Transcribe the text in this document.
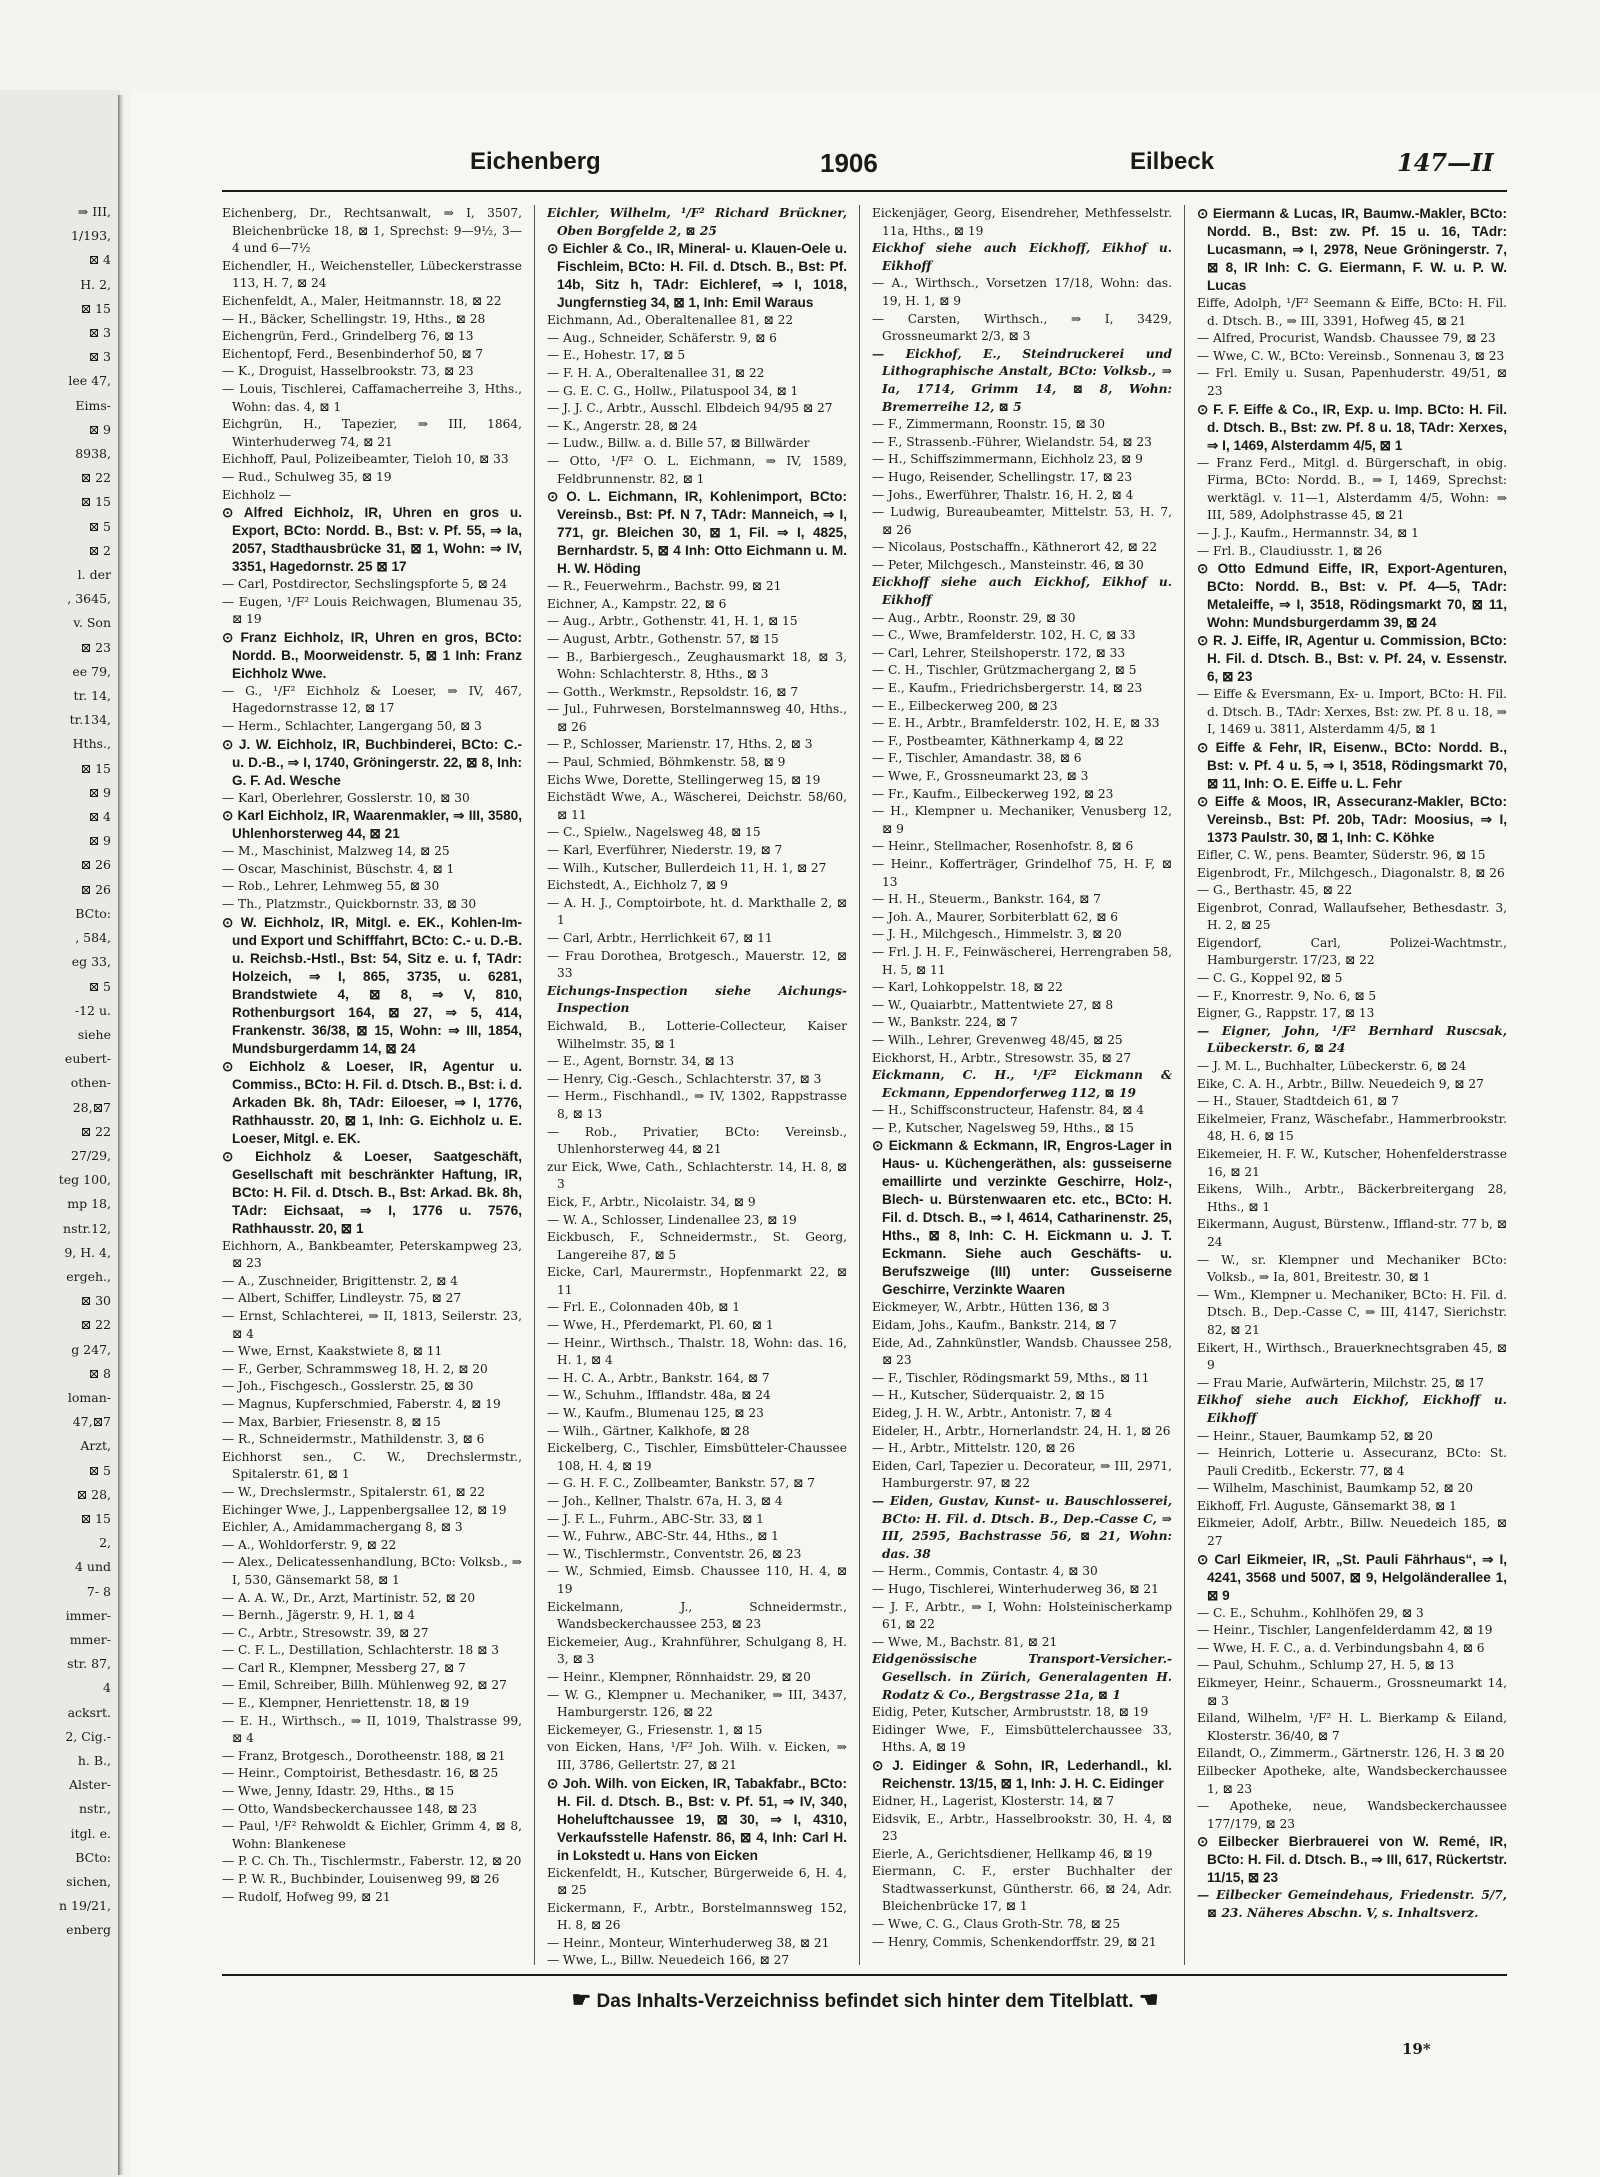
⇒ III,
1/193,
⊠ 4
H. 2,
⊠ 15
⊠ 3
⊠ 3
lee 47,
Eims-
⊠ 9
8938,
⊠ 22
⊠ 15
⊠ 5
⊠ 2
l. der
, 3645,
v. Son
⊠ 23
ee 79,
tr. 14,
tr.134,
Hths.,
⊠ 15
⊠ 9
⊠ 4
⊠ 9
⊠ 26
⊠ 26
BCto:
, 584,
eg 33,
⊠ 5
-12 u.
siehe
eubert-
othen-
28,⊠7
⊠ 22
27/29,
teg 100,
mp 18,
nstr.12,
9, H. 4,
ergeh.,
⊠ 30
⊠ 22
g 247,
⊠ 8
loman-
47,⊠7
Arzt,
⊠ 5
⊠ 28,
⊠ 15
2,
4 und
7- 8
immer-
mmer-
str. 87,
4
acksrt.
2, Cig.-
h. B.,
Alster-
nstr.,
itgl. e.
BCto:
sichen,
n 19/21,
enberg
Eichenberg	1906	Eilbeck	147—II

Eichenberg, Dr., Rechtsanwalt, ⇒ I, 3507, Bleichenbrücke 18, ⊠ 1, Sprechst: 9—9½, 3—4 und 6—7½

Eichendler, H., Weichensteller, Lübeckerstrasse 113, H. 7, ⊠ 24

Eichenfeldt, A., Maler, Heitmannstr. 18, ⊠ 22

— H., Bäcker, Schellingstr. 19, Hths., ⊠ 28

Eichengrün, Ferd., Grindelberg 76, ⊠ 13

Eichentopf, Ferd., Besenbinderhof 50, ⊠ 7

— K., Droguist, Hasselbrookstr. 73, ⊠ 23

— Louis, Tischlerei, Caffamacherreihe 3, Hths., Wohn: das. 4, ⊠ 1

Eichgrün, H., Tapezier, ⇒ III, 1864, Winterhuderweg 74, ⊠ 21

Eichhoff, Paul, Polizeibeamter, Tieloh 10, ⊠ 33

— Rud., Schulweg 35, ⊠ 19

Eichholz —

⊙ Alfred Eichholz, IR, Uhren en gros u. Export, BCto: Nordd. B., Bst: v. Pf. 55, ⇒ Ia, 2057, Stadthausbrücke 31, ⊠ 1, Wohn: ⇒ IV, 3351, Hagedornstr. 25 ⊠ 17

— Carl, Postdirector, Sechslingspforte 5, ⊠ 24

— Eugen, ¹/F² Louis Reichwagen, Blumenau 35, ⊠ 19

⊙ Franz Eichholz, IR, Uhren en gros, BCto: Nordd. B., Moorweidenstr. 5, ⊠ 1 Inh: Franz Eichholz Wwe.

— G., ¹/F² Eichholz & Loeser, ⇒ IV, 467, Hagedornstrasse 12, ⊠ 17

— Herm., Schlachter, Langergang 50, ⊠ 3

⊙ J. W. Eichholz, IR, Buchbinderei, BCto: C.- u. D.-B., ⇒ I, 1740, Gröningerstr. 22, ⊠ 8, Inh: G. F. Ad. Wesche

— Karl, Oberlehrer, Gosslerstr. 10, ⊠ 30

⊙ Karl Eichholz, IR, Waarenmakler, ⇒ III, 3580, Uhlenhorsterweg 44, ⊠ 21

— M., Maschinist, Malzweg 14, ⊠ 25

— Oscar, Maschinist, Büschstr. 4, ⊠ 1

— Rob., Lehrer, Lehmweg 55, ⊠ 30

— Th., Platzmstr., Quickbornstr. 33, ⊠ 30

⊙ W. Eichholz, IR, Mitgl. e. EK., Kohlen-Im- und Export und Schifffahrt, BCto: C.- u. D.-B. u. Reichsb.-Hstl., Bst: 54, Sitz e. u. f, TAdr: Holzeich, ⇒ I, 865, 3735, u. 6281, Brandstwiete 4, ⊠ 8, ⇒ V, 810, Rothenburgsort 164, ⊠ 27, ⇒ 5, 414, Frankenstr. 36/38, ⊠ 15, Wohn: ⇒ III, 1854, Mundsburgerdamm 14, ⊠ 24

⊙ Eichholz & Loeser, IR, Agentur u. Commiss., BCto: H. Fil. d. Dtsch. B., Bst: i. d. Arkaden Bk. 8h, TAdr: Eiloeser, ⇒ I, 1776, Rathhausstr. 20, ⊠ 1, Inh: G. Eichholz u. E. Loeser, Mitgl. e. EK.

⊙ Eichholz & Loeser, Saatgeschäft, Gesellschaft mit beschränkter Haftung, IR, BCto: H. Fil. d. Dtsch. B., Bst: Arkad. Bk. 8h, TAdr: Eichsaat, ⇒ I, 1776 u. 7576, Rathhausstr. 20, ⊠ 1

Eichhorn, A., Bankbeamter, Peterskampweg 23, ⊠ 23

— A., Zuschneider, Brigittenstr. 2, ⊠ 4

— Albert, Schiffer, Lindleystr. 75, ⊠ 27

— Ernst, Schlachterei, ⇒ II, 1813, Seilerstr. 23, ⊠ 4

— Wwe, Ernst, Kaakstwiete 8, ⊠ 11

— F., Gerber, Schrammsweg 18, H. 2, ⊠ 20

— Joh., Fischgesch., Gosslerstr. 25, ⊠ 30

— Magnus, Kupferschmied, Faberstr. 4, ⊠ 19

— Max, Barbier, Friesenstr. 8, ⊠ 15

— R., Schneidermstr., Mathildenstr. 3, ⊠ 6

Eichhorst sen., C. W., Drechslermstr., Spitalerstr. 61, ⊠ 1

— W., Drechslermstr., Spitalerstr. 61, ⊠ 22

Eichinger Wwe, J., Lappenbergsallee 12, ⊠ 19

Eichler, A., Amidammachergang 8, ⊠ 3

— A., Wohldorferstr. 9, ⊠ 22

— Alex., Delicatessenhandlung, BCto: Volksb., ⇒ I, 530, Gänsemarkt 58, ⊠ 1

— A. A. W., Dr., Arzt, Martinistr. 52, ⊠ 20

— Bernh., Jägerstr. 9, H. 1, ⊠ 4

— C., Arbtr., Stresowstr. 39, ⊠ 27

— C. F. L., Destillation, Schlachterstr. 18 ⊠ 3

— Carl R., Klempner, Messberg 27, ⊠ 7

— Emil, Schreiber, Billh. Mühlenweg 92, ⊠ 27

— E., Klempner, Henriettenstr. 18, ⊠ 19

— E. H., Wirthsch., ⇒ II, 1019, Thalstrasse 99, ⊠ 4

— Franz, Brotgesch., Dorotheenstr. 188, ⊠ 21

— Heinr., Comptoirist, Bethesdastr. 16, ⊠ 25

— Wwe, Jenny, Idastr. 29, Hths., ⊠ 15

— Otto, Wandsbeckerchaussee 148, ⊠ 23

— Paul, ¹/F² Rehwoldt & Eichler, Grimm 4, ⊠ 8, Wohn: Blankenese

— P. C. Ch. Th., Tischlermstr., Faberstr. 12, ⊠ 20

— P. W. R., Buchbinder, Louisenweg 99, ⊠ 26

— Rudolf, Hofweg 99, ⊠ 21

Eichler, Wilhelm, ¹/F² Richard Brückner, Oben Borgfelde 2, ⊠ 25

⊙ Eichler & Co., IR, Mineral- u. Klauen-Oele u. Fischleim, BCto: H. Fil. d. Dtsch. B., Bst: Pf. 14b, Sitz h, TAdr: Eichleref, ⇒ I, 1018, Jungfernstieg 34, ⊠ 1, Inh: Emil Waraus

Eichmann, Ad., Oberaltenallee 81, ⊠ 22

— Aug., Schneider, Schäferstr. 9, ⊠ 6

— E., Hohestr. 17, ⊠ 5

— F. H. A., Oberaltenallee 31, ⊠ 22

— G. E. C. G., Hollw., Pilatuspool 34, ⊠ 1

— J. J. C., Arbtr., Ausschl. Elbdeich 94/95 ⊠ 27

— K., Angerstr. 28, ⊠ 24

— Ludw., Billw. a. d. Bille 57, ⊠ Billwärder

— Otto, ¹/F² O. L. Eichmann, ⇒ IV, 1589, Feldbrunnenstr. 82, ⊠ 1

⊙ O. L. Eichmann, IR, Kohlenimport, BCto: Vereinsb., Bst: Pf. N 7, TAdr: Manneich, ⇒ I, 771, gr. Bleichen 30, ⊠ 1, Fil. ⇒ I, 4825, Bernhardstr. 5, ⊠ 4 Inh: Otto Eichmann u. M. H. W. Höding

— R., Feuerwehrm., Bachstr. 99, ⊠ 21

Eichner, A., Kampstr. 22, ⊠ 6

— Aug., Arbtr., Gothenstr. 41, H. 1, ⊠ 15

— August, Arbtr., Gothenstr. 57, ⊠ 15

— B., Barbiergesch., Zeughausmarkt 18, ⊠ 3, Wohn: Schlachterstr. 8, Hths., ⊠ 3

— Gotth., Werkmstr., Repsoldstr. 16, ⊠ 7

— Jul., Fuhrwesen, Borstelmannsweg 40, Hths., ⊠ 26

— P., Schlosser, Marienstr. 17, Hths. 2, ⊠ 3

— Paul, Schmied, Böhmkenstr. 58, ⊠ 9

Eichs Wwe, Dorette, Stellingerweg 15, ⊠ 19

Eichstädt Wwe, A., Wäscherei, Deichstr. 58/60, ⊠ 11

— C., Spielw., Nagelsweg 48, ⊠ 15

— Karl, Everführer, Niederstr. 19, ⊠ 7

— Wilh., Kutscher, Bullerdeich 11, H. 1, ⊠ 27

Eichstedt, A., Eichholz 7, ⊠ 9

— A. H. J., Comptoirbote, ht. d. Markthalle 2, ⊠ 1

— Carl, Arbtr., Herrlichkeit 67, ⊠ 11

— Frau Dorothea, Brotgesch., Mauerstr. 12, ⊠ 33

Eichungs-Inspection siehe Aichungs-Inspection

Eichwald, B., Lotterie-Collecteur, Kaiser Wilhelmstr. 35, ⊠ 1

— E., Agent, Bornstr. 34, ⊠ 13

— Henry, Cig.-Gesch., Schlachterstr. 37, ⊠ 3

— Herm., Fischhandl., ⇒ IV, 1302, Rappstrasse 8, ⊠ 13

— Rob., Privatier, BCto: Vereinsb., Uhlenhorsterweg 44, ⊠ 21

zur Eick, Wwe, Cath., Schlachterstr. 14, H. 8, ⊠ 3

Eick, F., Arbtr., Nicolaistr. 34, ⊠ 9

— W. A., Schlosser, Lindenallee 23, ⊠ 19

Eickbusch, F., Schneidermstr., St. Georg, Langereihe 87, ⊠ 5

Eicke, Carl, Maurermstr., Hopfenmarkt 22, ⊠ 11

— Frl. E., Colonnaden 40b, ⊠ 1

— Wwe, H., Pferdemarkt, Pl. 60, ⊠ 1

— Heinr., Wirthsch., Thalstr. 18, Wohn: das. 16, H. 1, ⊠ 4

— H. C. A., Arbtr., Bankstr. 164, ⊠ 7

— W., Schuhm., Ifflandstr. 48a, ⊠ 24

— W., Kaufm., Blumenau 125, ⊠ 23

— Wilh., Gärtner, Kalkhofe, ⊠ 28

Eickelberg, C., Tischler, Eimsbütteler-Chaussee 108, H. 4, ⊠ 19

— G. H. F. C., Zollbeamter, Bankstr. 57, ⊠ 7

— Joh., Kellner, Thalstr. 67a, H. 3, ⊠ 4

— J. F. L., Fuhrm., ABC-Str. 33, ⊠ 1

— W., Fuhrw., ABC-Str. 44, Hths., ⊠ 1

— W., Tischlermstr., Conventstr. 26, ⊠ 23

— W., Schmied, Eimsb. Chaussee 110, H. 4, ⊠ 19

Eickelmann, J., Schneidermstr., Wandsbeckerchaussee 253, ⊠ 23

Eickemeier, Aug., Krahnführer, Schulgang 8, H. 3, ⊠ 3

— Heinr., Klempner, Rönnhaidstr. 29, ⊠ 20

— W. G., Klempner u. Mechaniker, ⇒ III, 3437, Hamburgerstr. 126, ⊠ 22

Eickemeyer, G., Friesenstr. 1, ⊠ 15

von Eicken, Hans, ¹/F² Joh. Wilh. v. Eicken, ⇒ III, 3786, Gellertstr. 27, ⊠ 21

⊙ Joh. Wilh. von Eicken, IR, Tabakfabr., BCto: H. Fil. d. Dtsch. B., Bst: v. Pf. 51, ⇒ IV, 340, Hoheluftchaussee 19, ⊠ 30, ⇒ I, 4310, Verkaufsstelle Hafenstr. 86, ⊠ 4, Inh: Carl H. in Lokstedt u. Hans von Eicken

Eickenfeldt, H., Kutscher, Bürgerweide 6, H. 4, ⊠ 25

Eickermann, F., Arbtr., Borstelmannsweg 152, H. 8, ⊠ 26

— Heinr., Monteur, Winterhuderweg 38, ⊠ 21

— Wwe, L., Billw. Neuedeich 166, ⊠ 27

Eickenjäger, Georg, Eisendreher, Methfesselstr. 11a, Hths., ⊠ 19

Eickhof siehe auch Eickhoff, Eikhof u. Eikhoff

— A., Wirthsch., Vorsetzen 17/18, Wohn: das. 19, H. 1, ⊠ 9

— Carsten, Wirthsch., ⇒ I, 3429, Grossneumarkt 2/3, ⊠ 3

— Eickhof, E., Steindruckerei und Lithographische Anstalt, BCto: Volksb., ⇒ Ia, 1714, Grimm 14, ⊠ 8, Wohn: Bremerreihe 12, ⊠ 5

— F., Zimmermann, Roonstr. 15, ⊠ 30

— F., Strassenb.-Führer, Wielandstr. 54, ⊠ 23

— H., Schiffszimmermann, Eichholz 23, ⊠ 9

— Hugo, Reisender, Schellingstr. 17, ⊠ 23

— Johs., Ewerführer, Thalstr. 16, H. 2, ⊠ 4

— Ludwig, Bureaubeamter, Mittelstr. 53, H. 7, ⊠ 26

— Nicolaus, Postschaffn., Käthnerort 42, ⊠ 22

— Peter, Milchgesch., Mansteinstr. 46, ⊠ 30

Eickhoff siehe auch Eickhof, Eikhof u. Eikhoff

— Aug., Arbtr., Roonstr. 29, ⊠ 30

— C., Wwe, Bramfelderstr. 102, H. C, ⊠ 33

— Carl, Lehrer, Steilshoperstr. 172, ⊠ 33

— C. H., Tischler, Grützmachergang 2, ⊠ 5

— E., Kaufm., Friedrichsbergerstr. 14, ⊠ 23

— E., Eilbeckerweg 200, ⊠ 23

— E. H., Arbtr., Bramfelderstr. 102, H. E, ⊠ 33

— F., Postbeamter, Käthnerkamp 4, ⊠ 22

— F., Tischler, Amandastr. 38, ⊠ 6

— Wwe, F., Grossneumarkt 23, ⊠ 3

— Fr., Kaufm., Eilbeckerweg 192, ⊠ 23

— H., Klempner u. Mechaniker, Venusberg 12, ⊠ 9

— Heinr., Stellmacher, Rosenhofstr. 8, ⊠ 6

— Heinr., Kofferträger, Grindelhof 75, H. F, ⊠ 13

— H. H., Steuerm., Bankstr. 164, ⊠ 7

— Joh. A., Maurer, Sorbiterblatt 62, ⊠ 6

— J. H., Milchgesch., Himmelstr. 3, ⊠ 20

— Frl. J. H. F., Feinwäscherei, Herrengraben 58, H. 5, ⊠ 11

— Karl, Lohkoppelstr. 18, ⊠ 22

— W., Quaiarbtr., Mattentwiete 27, ⊠ 8

— W., Bankstr. 224, ⊠ 7

— Wilh., Lehrer, Grevenweg 48/45, ⊠ 25

Eickhorst, H., Arbtr., Stresowstr. 35, ⊠ 27

Eickmann, C. H., ¹/F² Eickmann & Eckmann, Eppendorferweg 112, ⊠ 19

— H., Schiffsconstructeur, Hafenstr. 84, ⊠ 4

— P., Kutscher, Nagelsweg 59, Hths., ⊠ 15

⊙ Eickmann & Eckmann, IR, Engros-Lager in Haus- u. Küchengeräthen, als: gusseiserne emaillirte und verzinkte Geschirre, Holz-, Blech- u. Bürstenwaaren etc. etc., BCto: H. Fil. d. Dtsch. B., ⇒ I, 4614, Catharinenstr. 25, Hths., ⊠ 8, Inh: C. H. Eickmann u. J. T. Eckmann. Siehe auch Geschäfts- u. Berufszweige (III) unter: Gusseiserne Geschirre, Verzinkte Waaren

Eickmeyer, W., Arbtr., Hütten 136, ⊠ 3

Eidam, Johs., Kaufm., Bankstr. 214, ⊠ 7

Eide, Ad., Zahnkünstler, Wandsb. Chaussee 258, ⊠ 23

— F., Tischler, Rödingsmarkt 59, Mths., ⊠ 11

— H., Kutscher, Süderquaistr. 2, ⊠ 15

Eideg, J. H. W., Arbtr., Antonistr. 7, ⊠ 4

Eideler, H., Arbtr., Hornerlandstr. 24, H. 1, ⊠ 26

— H., Arbtr., Mittelstr. 120, ⊠ 26

Eiden, Carl, Tapezier u. Decorateur, ⇒ III, 2971, Hamburgerstr. 97, ⊠ 22

— Eiden, Gustav, Kunst- u. Bauschlosserei, BCto: H. Fil. d. Dtsch. B., Dep.-Casse C, ⇒ III, 2595, Bachstrasse 56, ⊠ 21, Wohn: das. 38

— Herm., Commis, Contastr. 4, ⊠ 30

— Hugo, Tischlerei, Winterhuderweg 36, ⊠ 21

— J. F., Arbtr., ⇒ I, Wohn: Holsteinischerkamp 61, ⊠ 22

— Wwe, M., Bachstr. 81, ⊠ 21

Eidgenössische Transport-Versicher.-Gesellsch. in Zürich, Generalagenten H. Rodatz & Co., Bergstrasse 21a, ⊠ 1

Eidig, Peter, Kutscher, Armbruststr. 18, ⊠ 19

Eidinger Wwe, F., Eimsbüttelerchaussee 33, Hths. A, ⊠ 19

⊙ J. Eidinger & Sohn, IR, Lederhandl., kl. Reichenstr. 13/15, ⊠ 1, Inh: J. H. C. Eidinger

Eidner, H., Lagerist, Klosterstr. 14, ⊠ 7

Eidsvik, E., Arbtr., Hasselbrookstr. 30, H. 4, ⊠ 23

Eierle, A., Gerichtsdiener, Hellkamp 46, ⊠ 19

Eiermann, C. F., erster Buchhalter der Stadtwasserkunst, Güntherstr. 66, ⊠ 24, Adr. Bleichenbrücke 17, ⊠ 1

— Wwe, C. G., Claus Groth-Str. 78, ⊠ 25

— Henry, Commis, Schenkendorffstr. 29, ⊠ 21

⊙ Eiermann & Lucas, IR, Baumw.-Makler, BCto: Nordd. B., Bst: zw. Pf. 15 u. 16, TAdr: Lucasmann, ⇒ I, 2978, Neue Gröningerstr. 7, ⊠ 8, IR Inh: C. G. Eiermann, F. W. u. P. W. Lucas

Eiffe, Adolph, ¹/F² Seemann & Eiffe, BCto: H. Fil. d. Dtsch. B., ⇒ III, 3391, Hofweg 45, ⊠ 21

— Alfred, Procurist, Wandsb. Chaussee 79, ⊠ 23

— Wwe, C. W., BCto: Vereinsb., Sonnenau 3, ⊠ 23

— Frl. Emily u. Susan, Papenhuderstr. 49/51, ⊠ 23

⊙ F. F. Eiffe & Co., IR, Exp. u. Imp. BCto: H. Fil. d. Dtsch. B., Bst: zw. Pf. 8 u. 18, TAdr: Xerxes, ⇒ I, 1469, Alsterdamm 4/5, ⊠ 1

— Franz Ferd., Mitgl. d. Bürgerschaft, in obig. Firma, BCto: Nordd. B., ⇒ I, 1469, Sprechst: werktägl. v. 11—1, Alsterdamm 4/5, Wohn: ⇒ III, 589, Adolphstrasse 45, ⊠ 21

— J. J., Kaufm., Hermannstr. 34, ⊠ 1

— Frl. B., Claudiusstr. 1, ⊠ 26

⊙ Otto Edmund Eiffe, IR, Export-Agenturen, BCto: Nordd. B., Bst: v. Pf. 4—5, TAdr: Metaleiffe, ⇒ I, 3518, Rödingsmarkt 70, ⊠ 11, Wohn: Mundsburgerdamm 39, ⊠ 24

⊙ R. J. Eiffe, IR, Agentur u. Commission, BCto: H. Fil. d. Dtsch. B., Bst: v. Pf. 24, v. Essenstr. 6, ⊠ 23

— Eiffe & Eversmann, Ex- u. Import, BCto: H. Fil. d. Dtsch. B., TAdr: Xerxes, Bst: zw. Pf. 8 u. 18, ⇒ I, 1469 u. 3811, Alsterdamm 4/5, ⊠ 1

⊙ Eiffe & Fehr, IR, Eisenw., BCto: Nordd. B., Bst: v. Pf. 4 u. 5, ⇒ I, 3518, Rödingsmarkt 70, ⊠ 11, Inh: O. E. Eiffe u. L. Fehr

⊙ Eiffe & Moos, IR, Assecuranz-Makler, BCto: Vereinsb., Bst: Pf. 20b, TAdr: Moosius, ⇒ I, 1373 Paulstr. 30, ⊠ 1, Inh: C. Köhke

Eifler, C. W., pens. Beamter, Süderstr. 96, ⊠ 15

Eigenbrodt, Fr., Milchgesch., Diagonalstr. 8, ⊠ 26

— G., Berthastr. 45, ⊠ 22

Eigenbrot, Conrad, Wallaufseher, Bethesdastr. 3, H. 2, ⊠ 25

Eigendorf, Carl, Polizei-Wachtmstr., Hamburgerstr. 17/23, ⊠ 22

— C. G., Koppel 92, ⊠ 5

— F., Knorrestr. 9, No. 6, ⊠ 5

Eigner, G., Rappstr. 17, ⊠ 13

— Eigner, John, ¹/F² Bernhard Ruscsak, Lübeckerstr. 6, ⊠ 24

— J. M. L., Buchhalter, Lübeckerstr. 6, ⊠ 24

Eike, C. A. H., Arbtr., Billw. Neuedeich 9, ⊠ 27

— H., Stauer, Stadtdeich 61, ⊠ 7

Eikelmeier, Franz, Wäschefabr., Hammerbrookstr. 48, H. 6, ⊠ 15

Eikemeier, H. F. W., Kutscher, Hohenfelderstrasse 16, ⊠ 21

Eikens, Wilh., Arbtr., Bäckerbreitergang 28, Hths., ⊠ 1

Eikermann, August, Bürstenw., Iffland-str. 77 b, ⊠ 24

— W., sr. Klempner und Mechaniker BCto: Volksb., ⇒ Ia, 801, Breitestr. 30, ⊠ 1

— Wm., Klempner u. Mechaniker, BCto: H. Fil. d. Dtsch. B., Dep.-Casse C, ⇒ III, 4147, Sierichstr. 82, ⊠ 21

Eikert, H., Wirthsch., Brauerknechtsgraben 45, ⊠ 9

— Frau Marie, Aufwärterin, Milchstr. 25, ⊠ 17

Eikhof siehe auch Eickhof, Eickhoff u. Eikhoff

— Heinr., Stauer, Baumkamp 52, ⊠ 20

— Heinrich, Lotterie u. Assecuranz, BCto: St. Pauli Creditb., Eckerstr. 77, ⊠ 4

— Wilhelm, Maschinist, Baumkamp 52, ⊠ 20

Eikhoff, Frl. Auguste, Gänsemarkt 38, ⊠ 1

Eikmeier, Adolf, Arbtr., Billw. Neuedeich 185, ⊠ 27

⊙ Carl Eikmeier, IR, „St. Pauli Fährhaus“, ⇒ I, 4241, 3568 und 5007, ⊠ 9, Helgoländerallee 1, ⊠ 9

— C. E., Schuhm., Kohlhöfen 29, ⊠ 3

— Heinr., Tischler, Langenfelderdamm 42, ⊠ 19

— Wwe, H. F. C., a. d. Verbindungsbahn 4, ⊠ 6

— Paul, Schuhm., Schlump 27, H. 5, ⊠ 13

Eikmeyer, Heinr., Schauerm., Grossneumarkt 14, ⊠ 3

Eiland, Wilhelm, ¹/F² H. L. Bierkamp & Eiland, Klosterstr. 36/40, ⊠ 7

Eilandt, O., Zimmerm., Gärtnerstr. 126, H. 3 ⊠ 20

Eilbecker Apotheke, alte, Wandsbeckerchaussee 1, ⊠ 23

— Apotheke, neue, Wandsbeckerchaussee 177/179, ⊠ 23

⊙ Eilbecker Bierbrauerei von W. Remé, IR, BCto: H. Fil. d. Dtsch. B., ⇒ III, 617, Rückertstr. 11/15, ⊠ 23

— Eilbecker Gemeindehaus, Friedenstr. 5/7, ⊠ 23. Näheres Abschn. V, s. Inhaltsverz.

☛ Das Inhalts-Verzeichniss befindet sich hinter dem Titelblatt. ☚
19*
